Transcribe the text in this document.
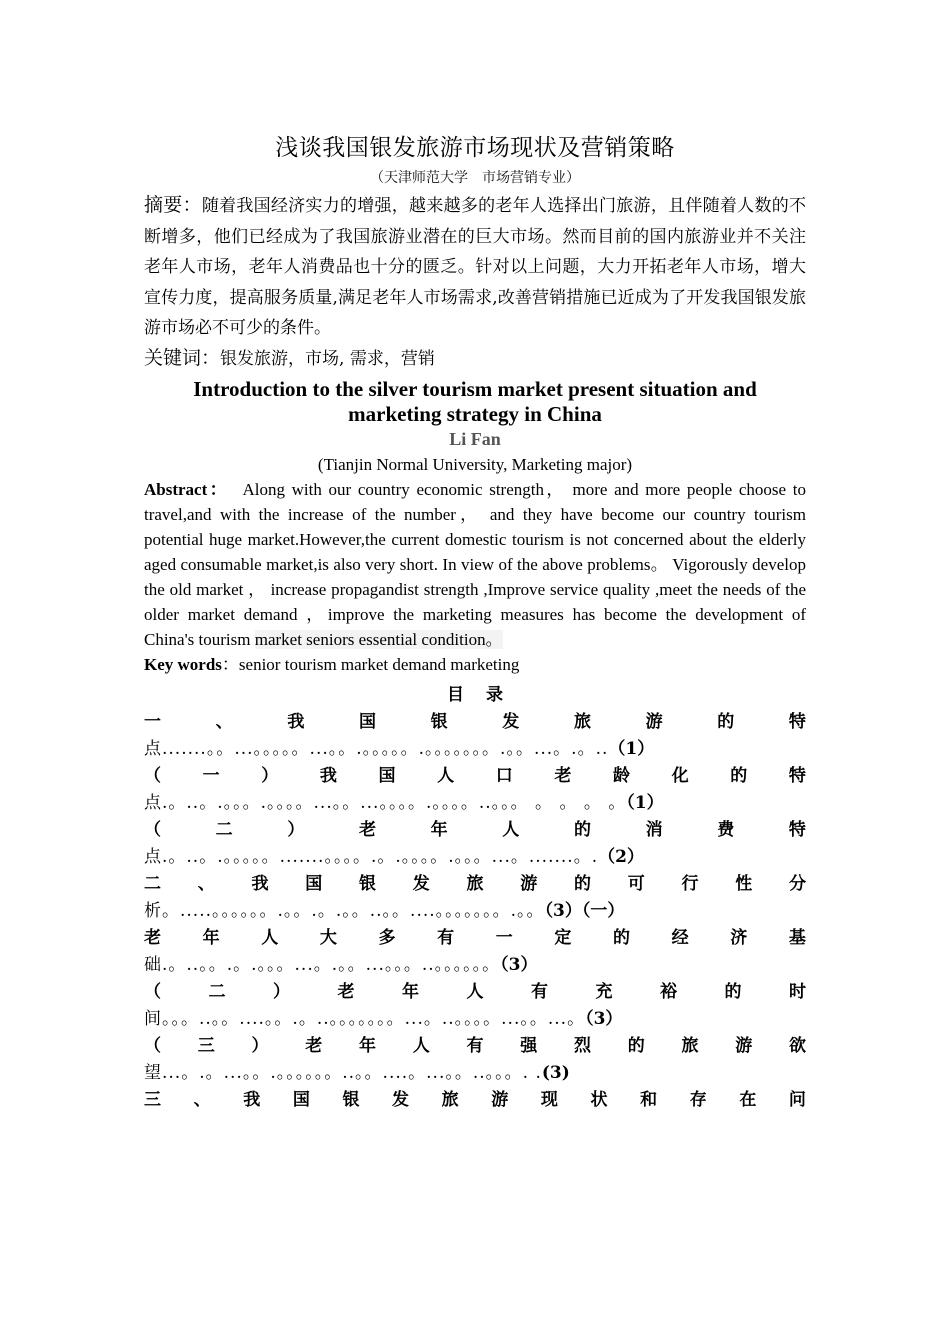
浅谈我国银发旅游市场现状及营销策略

（天津师范大学　市场营销专业）

摘要：随着我国经济实力的增强，越来越多的老年人选择出门旅游，且伴随着人数的不断增多，他们已经成为了我国旅游业潜在的巨大市场。然而目前的国内旅游业并不关注老年人市场，老年人消费品也十分的匮乏。针对以上问题，大力开拓老年人市场，增大宣传力度，提高服务质量,满足老年人市场需求,改善营销措施已近成为了开发我国银发旅游市场必不可少的条件。

关键词：银发旅游，市场, 需求，营销

Introduction to the silver tourism market present situation and marketing strategy in China

Li Fan

(Tianjin Normal University, Marketing major)

Abstract： Along with our country economic strength， more and more people choose to travel,and with the increase of the number， and they have become our country tourism potential huge market.However,the current domestic tourism is not concerned about the elderly aged consumable market,is also very short. In view of the above problems。 Vigorously develop the old market ， increase propagandist strength ,Improve service quality ,meet the needs of the older market demand ，improve the marketing measures has become the development of China's tourism market seniors essential condition。

Key words：senior tourism market demand marketing

目录
一	、	我	国	银	发	旅	游	的	特
点.......。。...。。。。。...。。.。。。。。.。。。。。。。.。。...。.。..（1）
（ 一 ） 我 国 人 口 老 龄 化 的 特
点.。..。.。。。.。。。。...。。...。。。。.。。。。..。。。 。 。 。 。（1）
（	二	）	老	年	人	的	消	费	特
点.。..。.。。。。。.......。。。。.。.。。。。.。。。...。.......。.（2）
二 、 我 国 银 发 旅 游 的 可 行 性 分
析。.....。。。。。。.。。.。.。。..。。....。。。。。。。.。。（3）（一）
老 年 人 大 多 有 一 定 的 经 济 基
础.。..。。.。.。。。...。.。。...。。。..。。。。。。（3）
（	二	）	老	年	人	有	充	裕	的	时
间。。。..。。....。。.。..。。。。。。。...。..。。。。...。。...。（3）
（ 三 ） 老 年 人 有 强 烈 的 旅 游 欲
望...。.。...。。.。。。。。。..。。....。...。。..。。。. .(3)
三 、 我 国 银 发 旅 游 现 状 和 存 在 问
